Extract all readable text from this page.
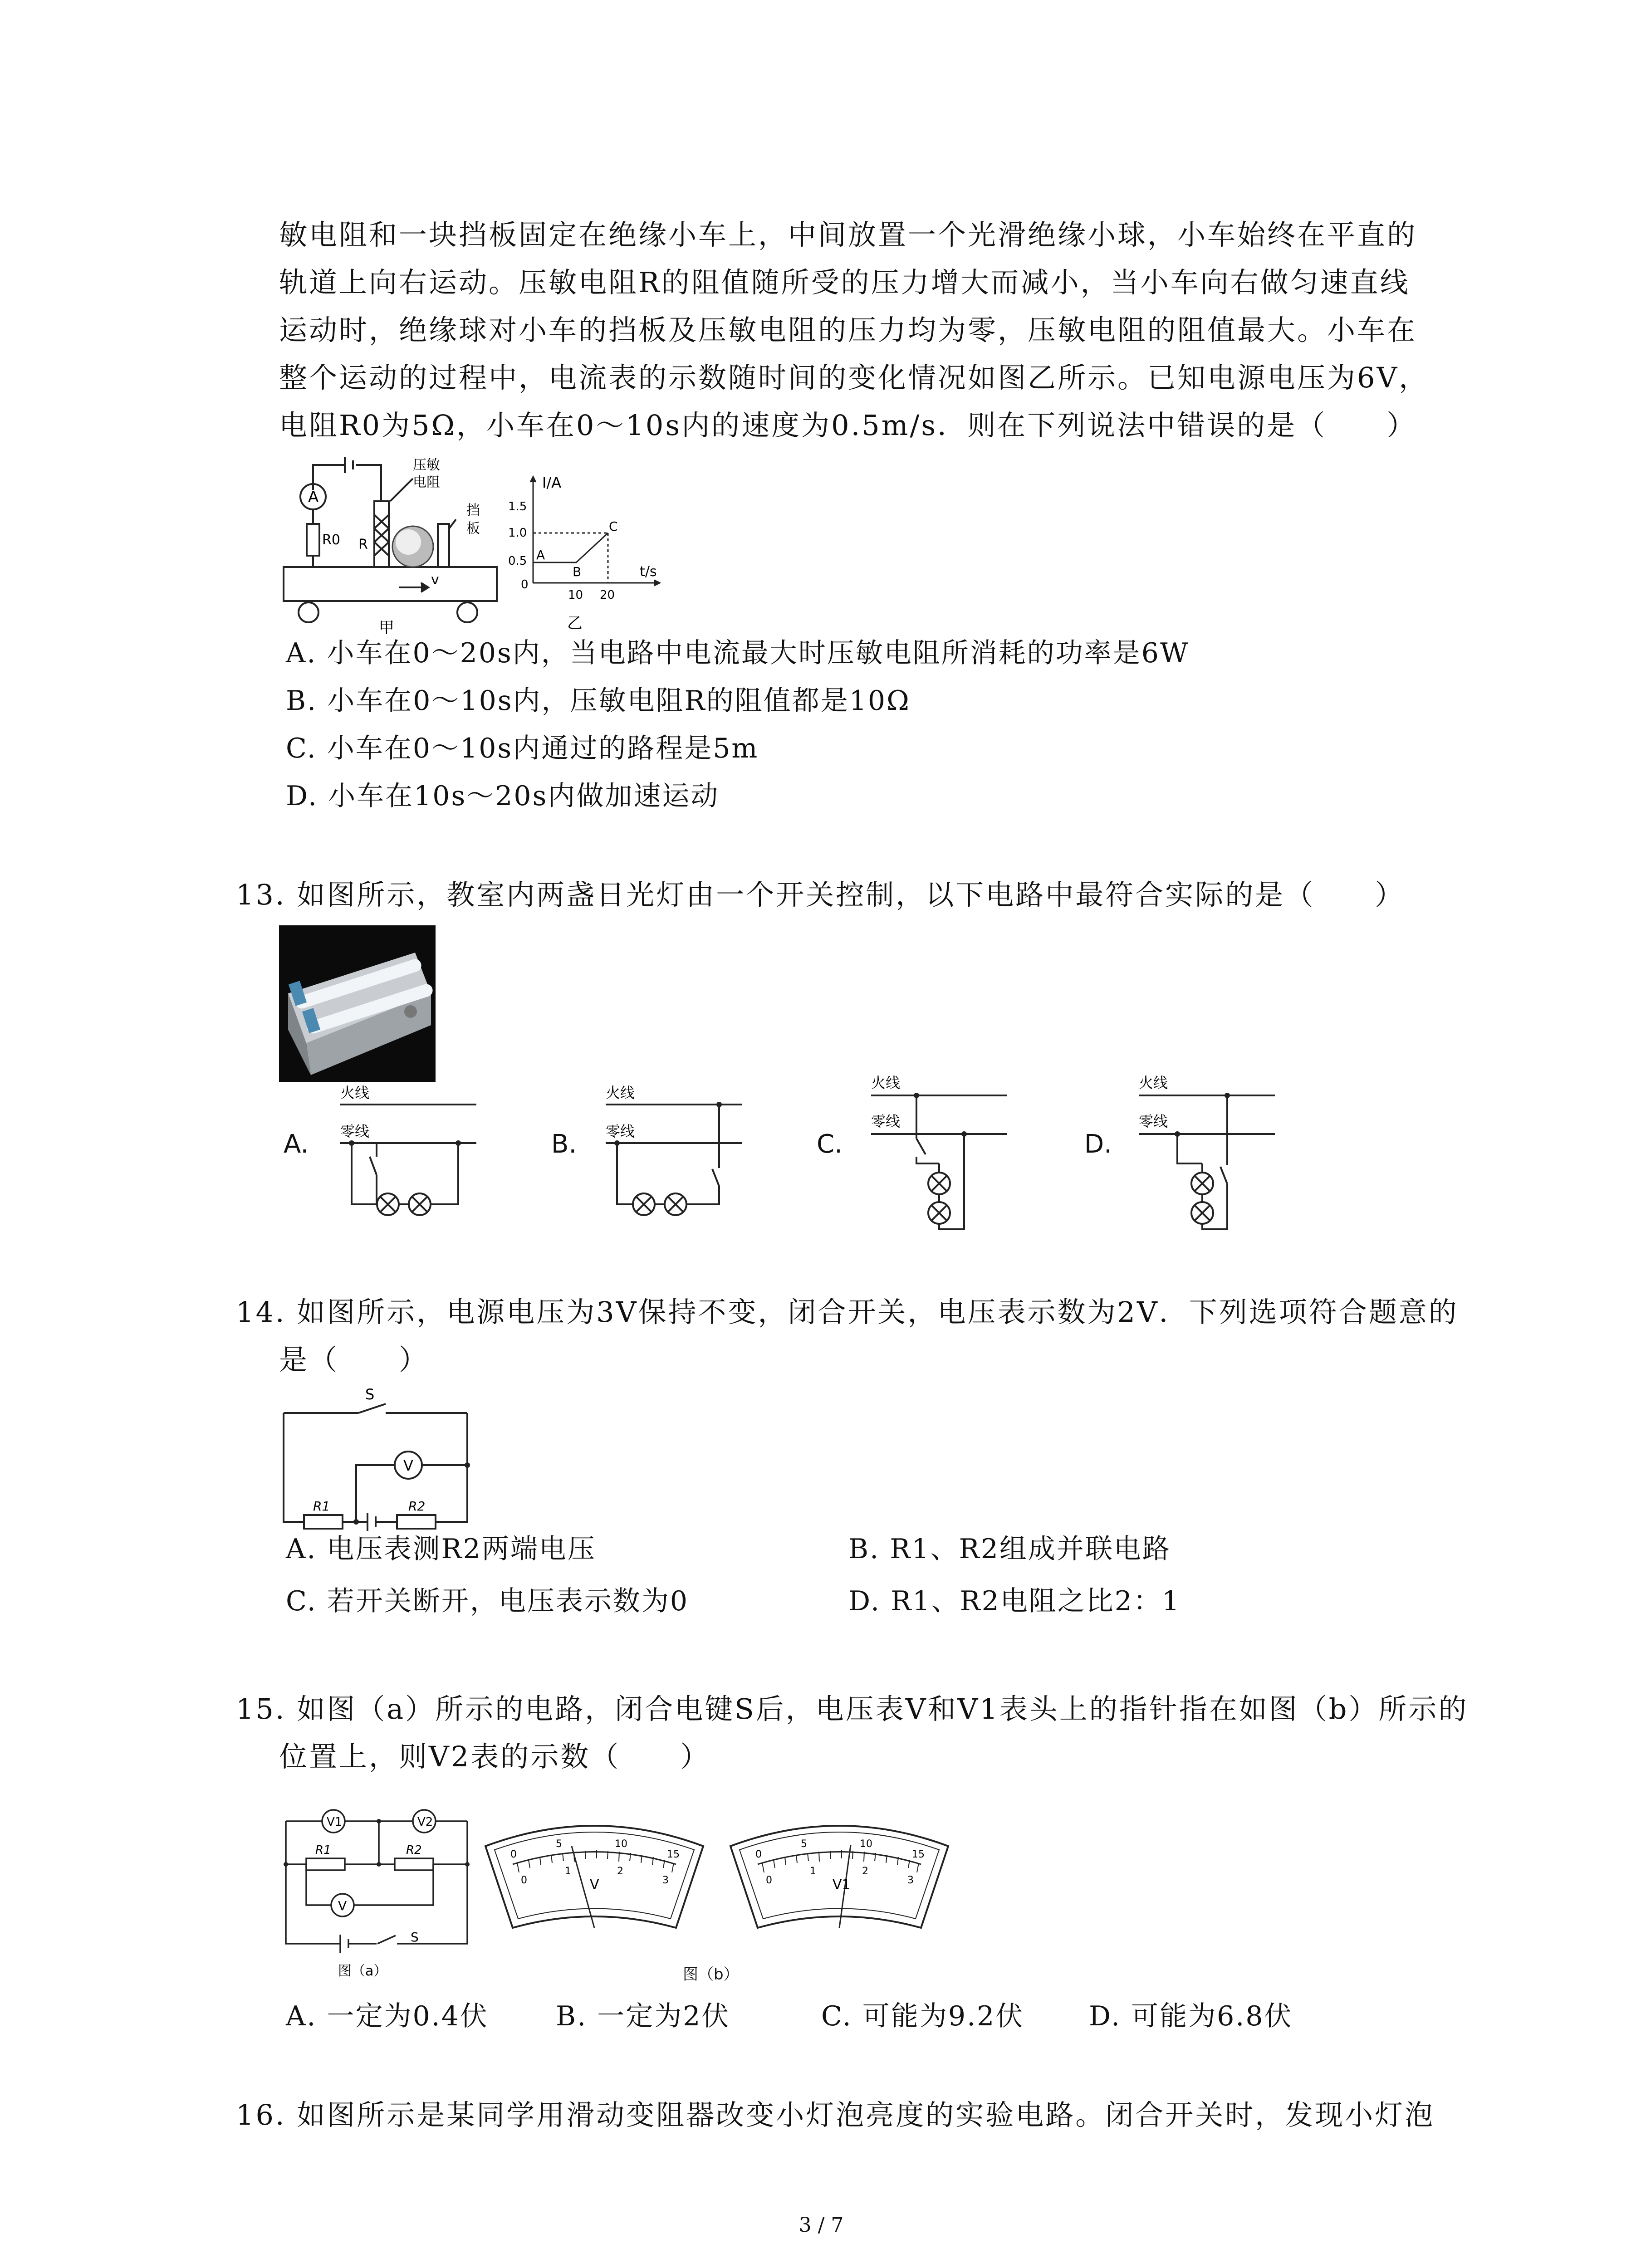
敏电阻和一块挡板固定在绝缘小车上，中间放置一个光滑绝缘小球，小车始终在平直的
轨道上向右运动。压敏电阻R的阻值随所受的压力增大而减小，当小车向右做匀速直线
运动时，绝缘球对小车的挡板及压敏电阻的压力均为零，压敏电阻的阻值最大。小车在
整个运动的过程中，电流表的示数随时间的变化情况如图乙所示。已知电源电压为6V，
电阻R0为5Ω，小车在0～10s内的速度为0.5m/s．则在下列说法中错误的是（　　）
A
R0 R
压敏
电阻
挡
板
v
甲
I/A
t/s
1.5
1.0
0.5
0
10 20
A
B
C
乙
A. 小车在0～20s内，当电路中电流最大时压敏电阻所消耗的功率是6W
B. 小车在0～10s内，压敏电阻R的阻值都是10Ω
C. 小车在0～10s内通过的路程是5m
D. 小车在10s～20s内做加速运动
13. 如图所示，教室内两盏日光灯由一个开关控制，以下电路中最符合实际的是（　　）
A.
火线
零线	B.
火线
零线	C.
火线
零线
D.
火线
零线
14. 如图所示，电源电压为3V保持不变，闭合开关，电压表示数为2V．下列选项符合题意的
是（　　）
S
V
R1	R2
A. 电压表测R2两端电压	B. R1、R2组成并联电路
C. 若开关断开，电压表示数为0	D. R1、R2电阻之比2：1
15. 如图（a）所示的电路，闭合电键S后，电压表V和V1表头上的指针指在如图（b）所示的
位置上，则V2表的示数（　　）
V1	V2
V
R1	R2
S
图（a）
0
5	10
15
0
1	2
3
V
0
5	10
15
0
1	2
3
V1
图（b）
A. 一定为0.4伏 B. 一定为2伏	C. 可能为9.2伏 D. 可能为6.8伏
16. 如图所示是某同学用滑动变阻器改变小灯泡亮度的实验电路。闭合开关时，发现小灯泡
3 / 7
